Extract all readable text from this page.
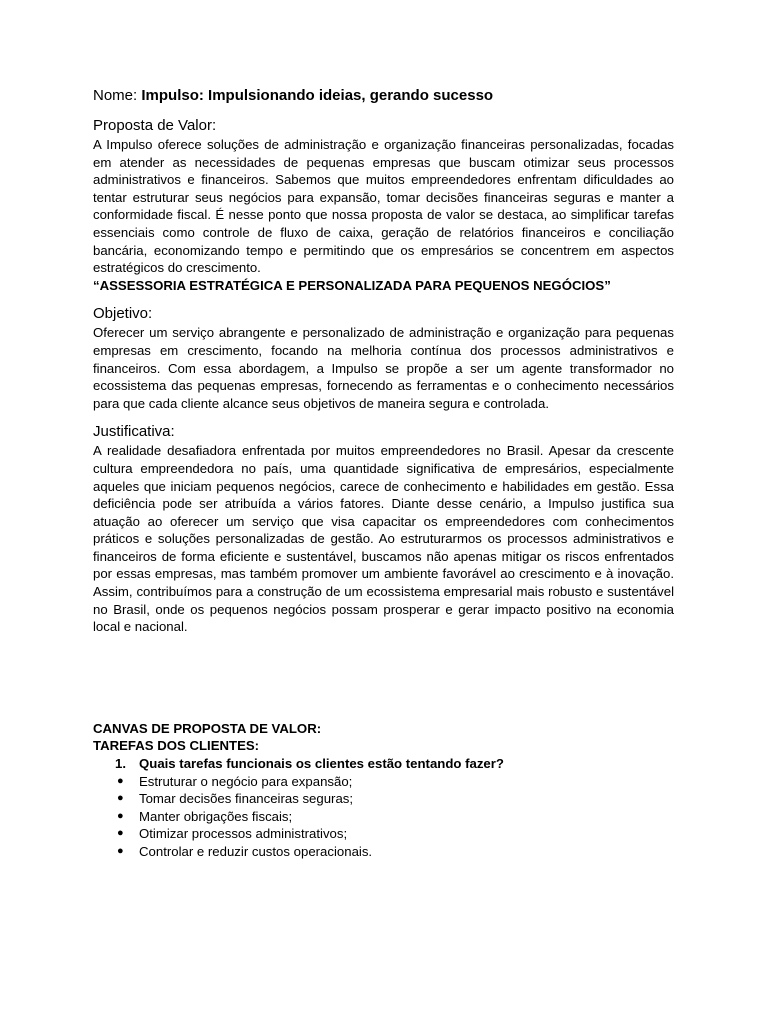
Nome: Impulso: Impulsionando ideias, gerando sucesso

Proposta de Valor:

A Impulso oferece soluções de administração e organização financeiras personalizadas, focadas em atender as necessidades de pequenas empresas que buscam otimizar seus processos administrativos e financeiros. Sabemos que muitos empreendedores enfrentam dificuldades ao tentar estruturar seus negócios para expansão, tomar decisões financeiras seguras e manter a conformidade fiscal. É nesse ponto que nossa proposta de valor se destaca, ao simplificar tarefas essenciais como controle de fluxo de caixa, geração de relatórios financeiros e conciliação bancária, economizando tempo e permitindo que os empresários se concentrem em aspectos estratégicos do crescimento.

“ASSESSORIA ESTRATÉGICA E PERSONALIZADA PARA PEQUENOS NEGÓCIOS”

Objetivo:

Oferecer um serviço abrangente e personalizado de administração e organização para pequenas empresas em crescimento, focando na melhoria contínua dos processos administrativos e financeiros. Com essa abordagem, a Impulso se propõe a ser um agente transformador no ecossistema das pequenas empresas, fornecendo as ferramentas e o conhecimento necessários para que cada cliente alcance seus objetivos de maneira segura e controlada.

Justificativa:

A realidade desafiadora enfrentada por muitos empreendedores no Brasil. Apesar da crescente cultura empreendedora no país, uma quantidade significativa de empresários, especialmente aqueles que iniciam pequenos negócios, carece de conhecimento e habilidades em gestão. Essa deficiência pode ser atribuída a vários fatores. Diante desse cenário, a Impulso justifica sua atuação ao oferecer um serviço que visa capacitar os empreendedores com conhecimentos práticos e soluções personalizadas de gestão. Ao estruturarmos os processos administrativos e financeiros de forma eficiente e sustentável, buscamos não apenas mitigar os riscos enfrentados por essas empresas, mas também promover um ambiente favorável ao crescimento e à inovação. Assim, contribuímos para a construção de um ecossistema empresarial mais robusto e sustentável no Brasil, onde os pequenos negócios possam prosperar e gerar impacto positivo na economia local e nacional.

CANVAS DE PROPOSTA DE VALOR:

TAREFAS DOS CLIENTES:

1. Quais tarefas funcionais os clientes estão tentando fazer?
● Estruturar o negócio para expansão;
● Tomar decisões financeiras seguras;
● Manter obrigações fiscais;
● Otimizar processos administrativos;
● Controlar e reduzir custos operacionais.
